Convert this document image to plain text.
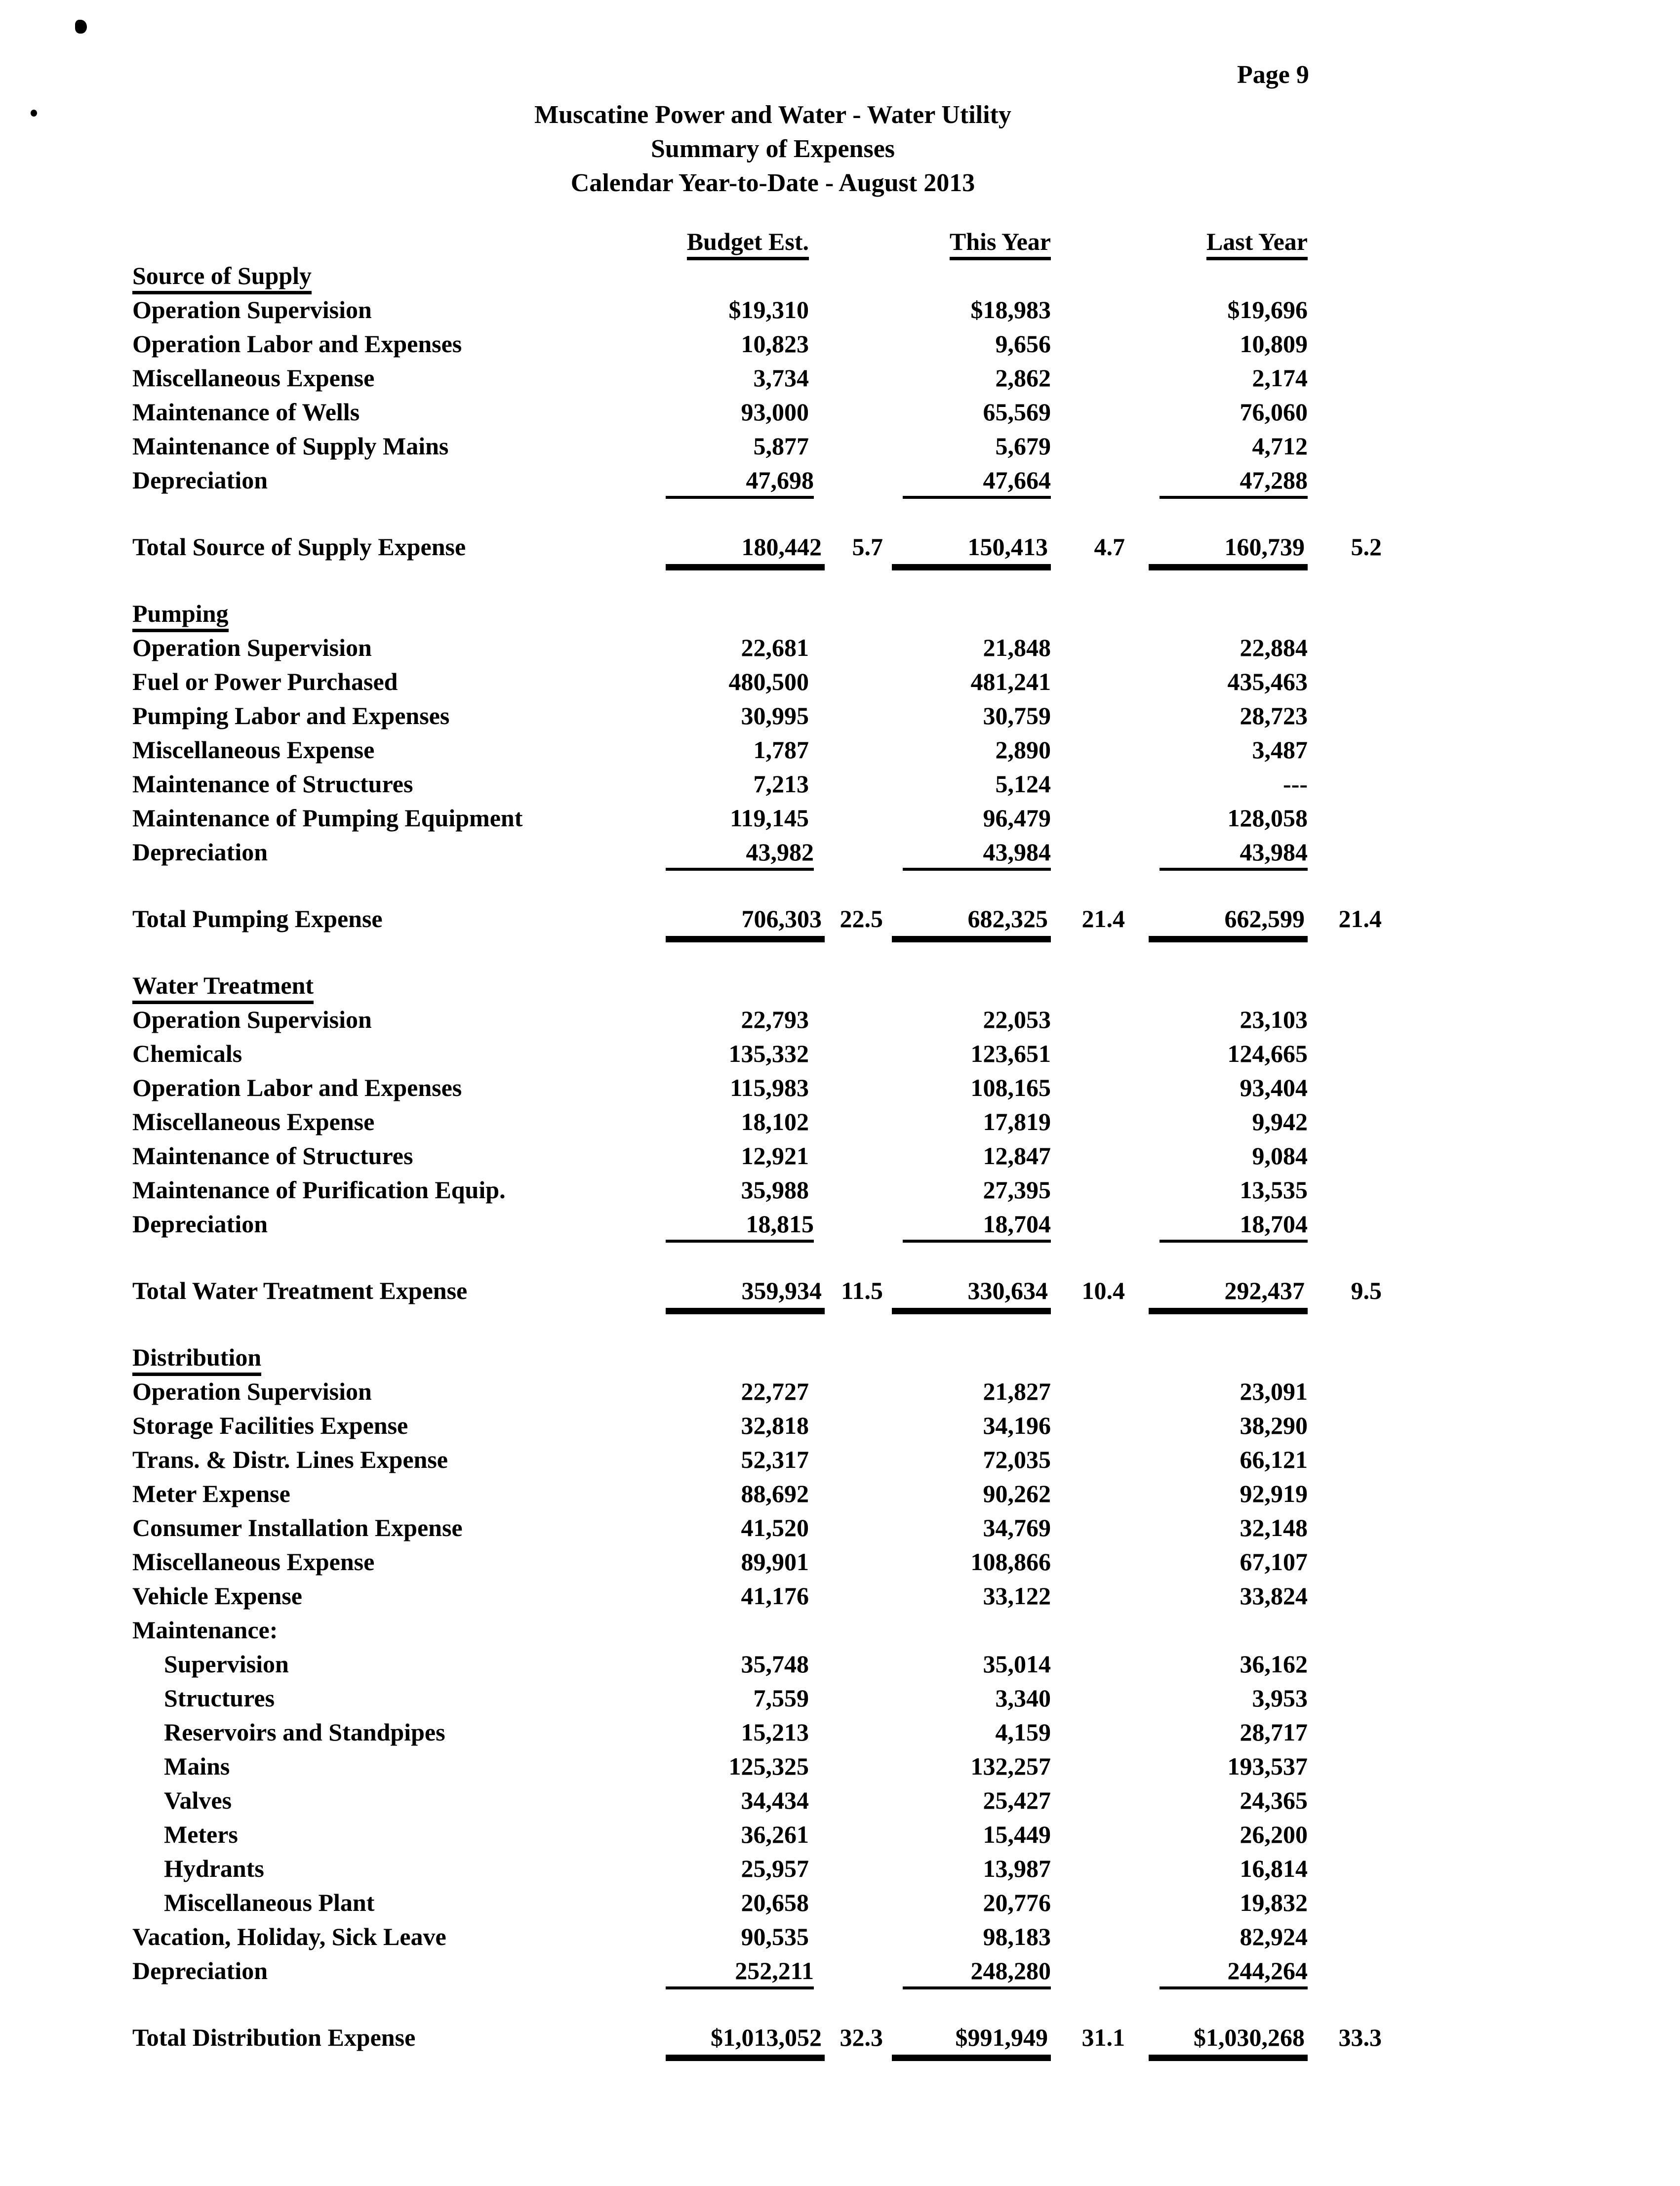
Page 9
Muscatine Power and Water - Water Utility
Summary of Expenses
Calendar Year-to-Date - August 2013
Budget Est.	This Year	Last Year
Source of Supply
Operation Supervision	$19,310	$18,983	$19,696
Operation Labor and Expenses	10,823	9,656	10,809
Miscellaneous Expense	3,734	2,862	2,174
Maintenance of Wells	93,000	65,569	76,060
Maintenance of Supply Mains	5,877	5,679	4,712
Depreciation	47,698	47,664	47,288
Total Source of Supply Expense	180,442	5.7	150,413	4.7	160,739	5.2
Pumping
Operation Supervision	22,681	21,848	22,884
Fuel or Power Purchased	480,500	481,241	435,463
Pumping Labor and Expenses	30,995	30,759	28,723
Miscellaneous Expense	1,787	2,890	3,487
Maintenance of Structures	7,213	5,124	---
Maintenance of Pumping Equipment	119,145	96,479	128,058
Depreciation	43,982	43,984	43,984
Total Pumping Expense	706,303 22.5	682,325	21.4	662,599	21.4
Water Treatment
Operation Supervision	22,793	22,053	23,103
Chemicals	135,332	123,651	124,665
Operation Labor and Expenses	115,983	108,165	93,404
Miscellaneous Expense	18,102	17,819	9,942
Maintenance of Structures	12,921	12,847	9,084
Maintenance of Purification Equip.	35,988	27,395	13,535
Depreciation	18,815	18,704	18,704
Total Water Treatment Expense	359,934 11.5	330,634	10.4	292,437	9.5
Distribution
Operation Supervision	22,727	21,827	23,091
Storage Facilities Expense	32,818	34,196	38,290
Trans. & Distr. Lines Expense	52,317	72,035	66,121
Meter Expense	88,692	90,262	92,919
Consumer Installation Expense	41,520	34,769	32,148
Miscellaneous Expense	89,901	108,866	67,107
Vehicle Expense	41,176	33,122	33,824
Maintenance:
Supervision	35,748	35,014	36,162
Structures	7,559	3,340	3,953
Reservoirs and Standpipes	15,213	4,159	28,717
Mains	125,325	132,257	193,537
Valves	34,434	25,427	24,365
Meters	36,261	15,449	26,200
Hydrants	25,957	13,987	16,814
Miscellaneous Plant	20,658	20,776	19,832
Vacation, Holiday, Sick Leave	90,535	98,183	82,924
Depreciation	252,211	248,280	244,264
Total Distribution Expense	$1,013,052 32.3	$991,949	31.1	$1,030,268	33.3
